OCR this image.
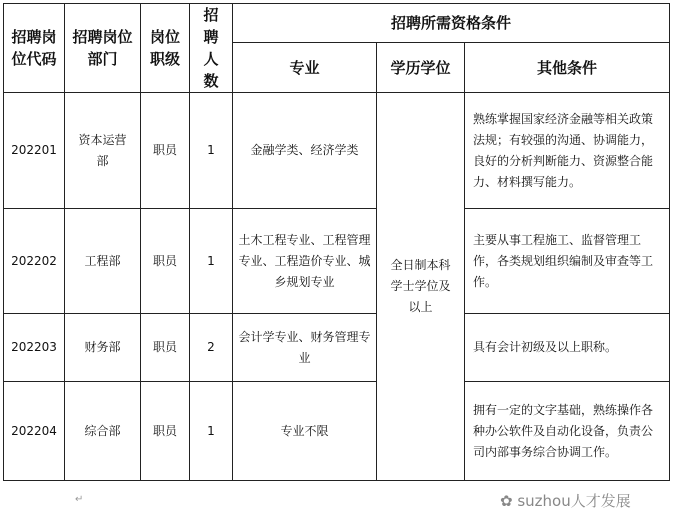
招聘岗位代码	招聘岗位部门	岗位职级	招聘人数	招聘所需资格条件		
				专业	学历学位	其他条件
202201	资本运营部	职员	1	金融学类、经济学类	全日制本科学士学位及以上	熟练掌握国家经济金融等相关政策法规；有较强的沟通、协调能力，良好的分析判断能力、资源整合能力、材料撰写能力。
202202	工程部	职员	1	土木工程专业、工程管理专业、工程造价专业、城乡规划专业		主要从事工程施工、监督管理工作，各类规划组织编制及审查等工作。
202203	财务部	职员	2	会计学专业、财务管理专业		具有会计初级及以上职称。
202204	综合部	职员	1	专业不限		拥有一定的文字基础，熟练操作各种办公软件及自动化设备，负责公司内部事务综合协调工作。
↵	✿ suzhou人才发展
